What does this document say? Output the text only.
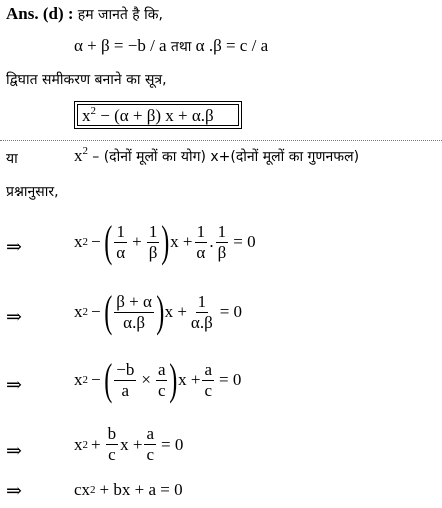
Ans. (d) : हम जानते है कि,
α + β = −b / a तथा α .β = c / a
द्विघात समीकरण बनाने का सूत्र,
$x^2 - (\alpha + \beta) x + \alpha.\beta$
या	$x^2$ – (दोनों मूलों का योग) x+(दोनों मूलों का गुणनफल)
प्रश्नानुसार,
⇒	x 2 − ( $\frac{1}{\alpha} + \frac{1}{\beta}$ ) $x + \frac{1}{\alpha}$ . $\frac{1}{\beta} = 0$
⇒	x 2 − ( $\frac{\beta + \alpha}{\alpha.\beta}$ ) $x + \frac{1}{\alpha.\beta} = 0$
⇒	x 2 − ( $\frac{-b}{a} \times \frac{a}{c}$ ) $x + \frac{a}{c} = 0$
⇒	x $2 + \frac{b}{c}$ $x + \frac{a}{c} = 0$
⇒	cx 2 + bx + a = 0
